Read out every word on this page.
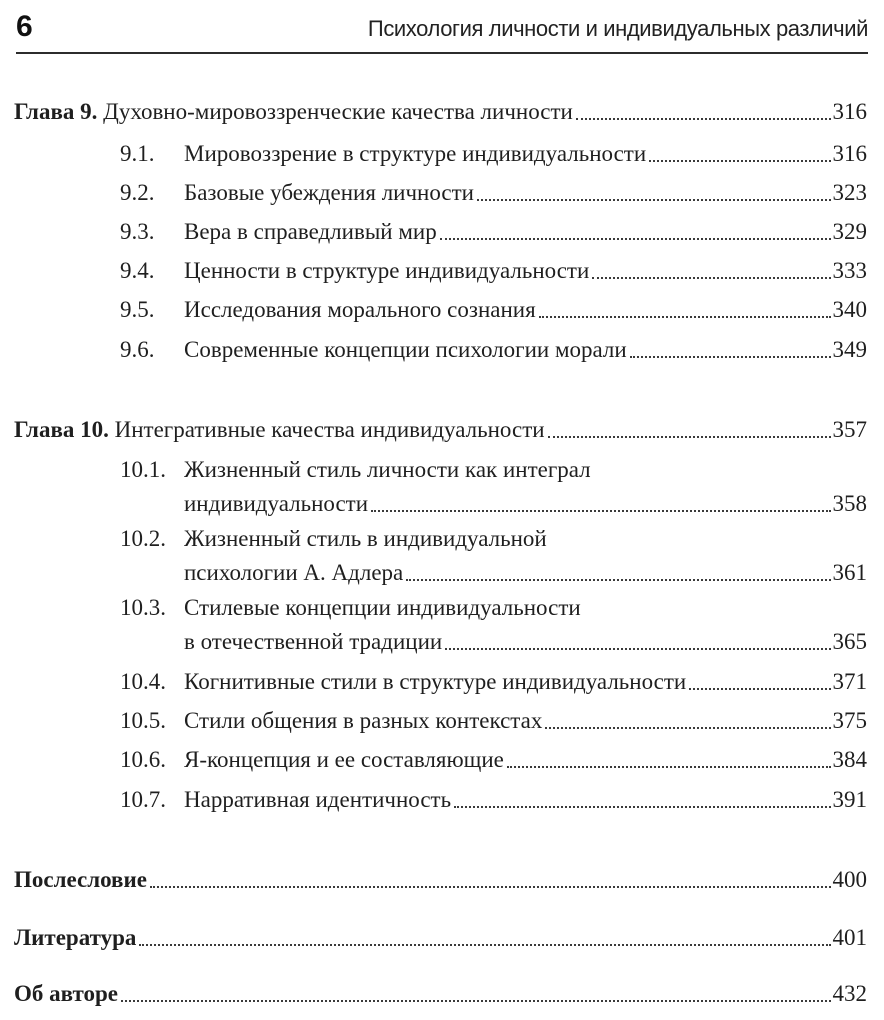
6	Психология личности и индивидуальных различий
Глава 9. Духовно-мировоззренческие качества личности	316
9.1.	Мировоззрение в структуре индивидуальности	316
9.2.	Базовые убеждения личности	323
9.3.	Вера в справедливый мир	329
9.4.	Ценности в структуре индивидуальности	333
9.5.	Исследования морального сознания	340
9.6.	Современные концепции психологии морали	349
Глава 10. Интегративные качества индивидуальности	357
10.1. Жизненный стиль личности как интеграл
индивидуальности	358
10.2. Жизненный стиль в индивидуальной
психологии А. Адлера	361
10.3. Стилевые концепции индивидуальности
в отечественной традиции	365
10.4. Когнитивные стили в структуре индивидуальности	371
10.5. Стили общения в разных контекстах	375
10.6. Я-концепция и ее составляющие	384
10.7. Нарративная идентичность	391
Послесловие	400
Литература	401
Об авторе	432
